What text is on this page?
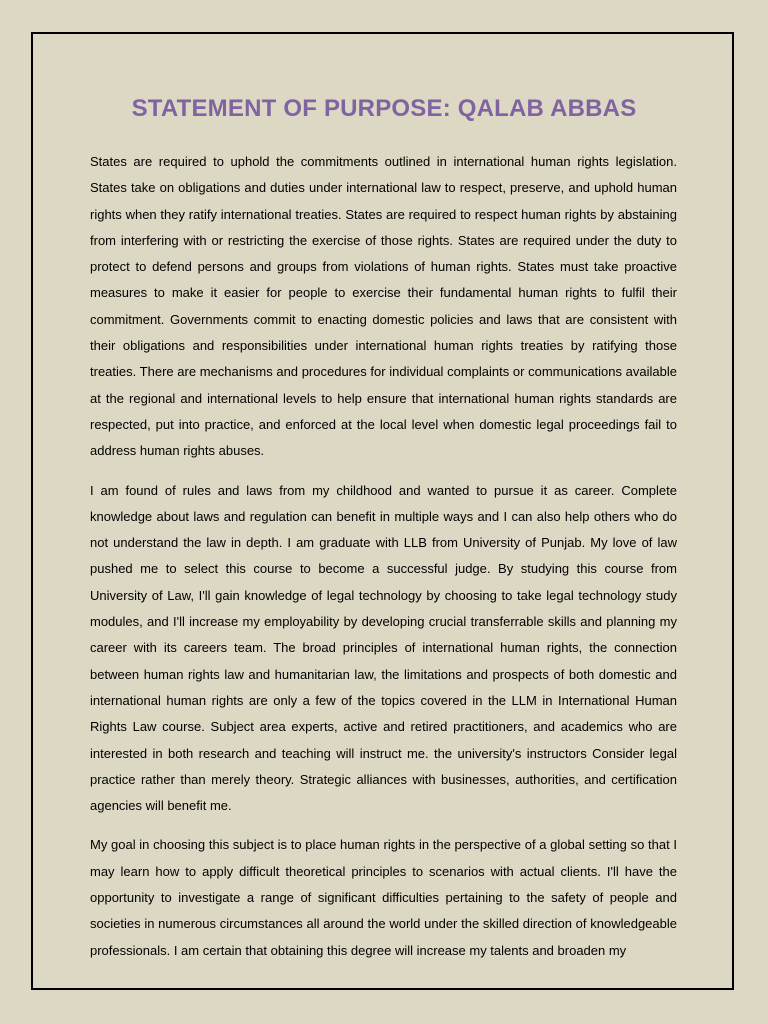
STATEMENT OF PURPOSE: QALAB ABBAS

States are required to uphold the commitments outlined in international human rights legislation. States take on obligations and duties under international law to respect, preserve, and uphold human rights when they ratify international treaties. States are required to respect human rights by abstaining from interfering with or restricting the exercise of those rights. States are required under the duty to protect to defend persons and groups from violations of human rights. States must take proactive measures to make it easier for people to exercise their fundamental human rights to fulfil their commitment. Governments commit to enacting domestic policies and laws that are consistent with their obligations and responsibilities under international human rights treaties by ratifying those treaties. There are mechanisms and procedures for individual complaints or communications available at the regional and international levels to help ensure that international human rights standards are respected, put into practice, and enforced at the local level when domestic legal proceedings fail to address human rights abuses.

I am found of rules and laws from my childhood and wanted to pursue it as career. Complete knowledge about laws and regulation can benefit in multiple ways and I can also help others who do not understand the law in depth. I am graduate with LLB from University of Punjab. My love of law pushed me to select this course to become a successful judge. By studying this course from University of Law, I'll gain knowledge of legal technology by choosing to take legal technology study modules, and I'll increase my employability by developing crucial transferrable skills and planning my career with its careers team. The broad principles of international human rights, the connection between human rights law and humanitarian law, the limitations and prospects of both domestic and international human rights are only a few of the topics covered in the LLM in International Human Rights Law course. Subject area experts, active and retired practitioners, and academics who are interested in both research and teaching will instruct me. the university's instructors Consider legal practice rather than merely theory. Strategic alliances with businesses, authorities, and certification agencies will benefit me.

My goal in choosing this subject is to place human rights in the perspective of a global setting so that I may learn how to apply difficult theoretical principles to scenarios with actual clients. I'll have the opportunity to investigate a range of significant difficulties pertaining to the safety of people and societies in numerous circumstances all around the world under the skilled direction of knowledgeable professionals. I am certain that obtaining this degree will increase my talents and broaden my
